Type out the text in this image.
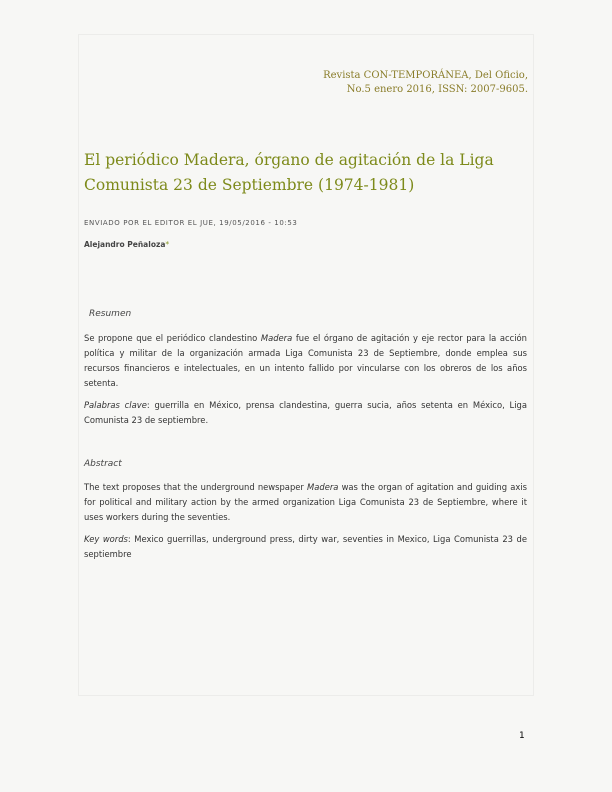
Revista CON-TEMPORÁNEA, Del Oficio,
No.5 enero 2016, ISSN: 2007-9605.
El periódico Madera, órgano de agitación de la Liga Comunista 23 de Septiembre (1974-1981)
ENVIADO POR EL EDITOR EL JUE, 19/05/2016 - 10:53
Alejandro Peñaloza*
Resumen

Se propone que el periódico clandestino Madera fue el órgano de agitación y eje rector para la acción política y militar de la organización armada Liga Comunista 23 de Septiembre, donde emplea sus recursos financieros e intelectuales, en un intento fallido por vincularse con los obreros de los años setenta.

Palabras clave: guerrilla en México, prensa clandestina, guerra sucia, años setenta en México, Liga Comunista 23 de septiembre.

Abstract

The text proposes that the underground newspaper Madera was the organ of agitation and guiding axis for political and military action by the armed organization Liga Comunista 23 de Septiembre, where it uses workers during the seventies.

Key words: Mexico guerrillas, underground press, dirty war, seventies in Mexico, Liga Comunista 23 de septiembre

1
